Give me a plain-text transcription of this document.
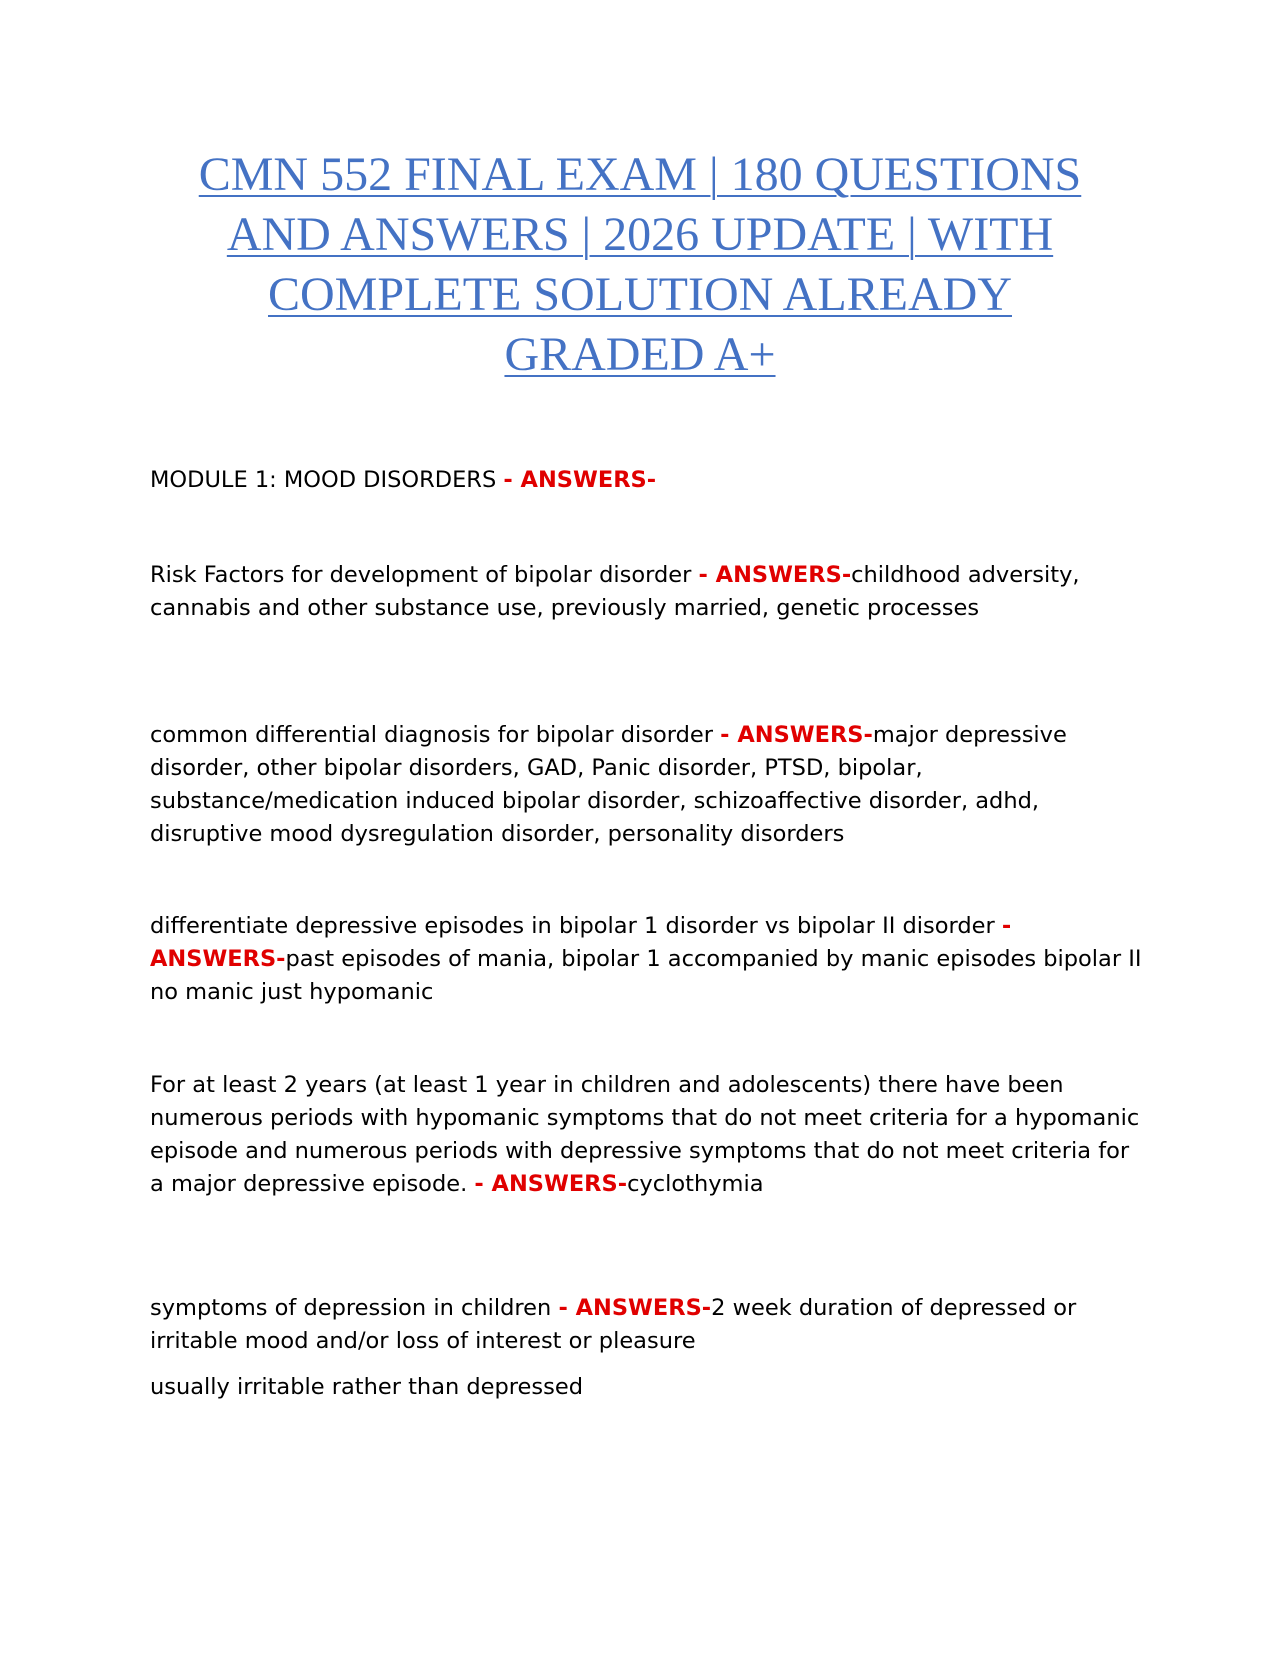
CMN 552 FINAL EXAM | 180 QUESTIONS
AND ANSWERS | 2026 UPDATE | WITH
COMPLETE SOLUTION ALREADY
GRADED A+
MODULE 1: MOOD DISORDERS - ANSWERS-
Risk Factors for development of bipolar disorder - ANSWERS-childhood adversity, cannabis and other substance use, previously married, genetic processes
common differential diagnosis for bipolar disorder - ANSWERS-major depressive disorder, other bipolar disorders, GAD, Panic disorder, PTSD, bipolar, substance/medication induced bipolar disorder, schizoaffective disorder, adhd, disruptive mood dysregulation disorder, personality disorders
differentiate depressive episodes in bipolar 1 disorder vs bipolar II disorder - ANSWERS-past episodes of mania, bipolar 1 accompanied by manic episodes bipolar II no manic just hypomanic
For at least 2 years (at least 1 year in children and adolescents) there have been numerous periods with hypomanic symptoms that do not meet criteria for a hypomanic episode and numerous periods with depressive symptoms that do not meet criteria for a major depressive episode. - ANSWERS-cyclothymia
symptoms of depression in children - ANSWERS-2 week duration of depressed or irritable mood and/or loss of interest or pleasure
usually irritable rather than depressed
